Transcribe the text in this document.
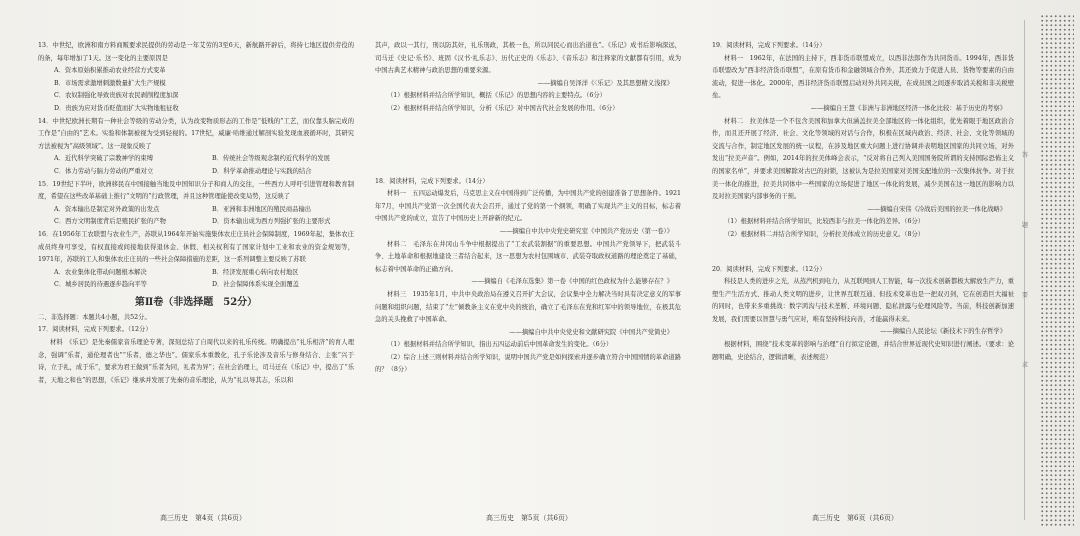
13．中世纪，欧洲和南方料商贩要求民提供的劳动是一年艾劳的3至6天，新航路开辟后，将持七地区提供劳役的的条，每年增加了1天。这一变化的主要原因是

A．资本原始积累推动农业经营方式变革

B．市场需求激增刺激数量扩大生产规模

C．农奴制强化导致贵族对农民剥削程度加深

D．贵族为应对货币贬值而扩大实物地租征收

14．中世纪欧洲长期有一种社会等级的劳动分类，认为改变物质形态的工作是“低贱的”工艺，而仅靠头脑完成的工作是“自由的”艺术。实验和体制被视为受到轻视的。17世纪，威廉·哈维通过解剖实验发现血液循环时，其研究方法被视为“高级领域”。这一现象反映了

A．近代科学突破了宗教神学的束缚	B．传统社会等级观念制约近代科学的发展
C．体力劳动与脑力劳动的严重对立	D．科学革命推动理论与实践的结合

15．19世纪下半叶，欧洲移民在中国接触当地及中国知识分子和商人的交往，一些西方人呼吁引进管理和教育制度，希望在这些改革基础上推行“文明的”行政管理，并且这种管理能使改变局势，这反映了

A．资本输出是制定对外政策的出发点	B．亚洲和非洲地区的殖民商品输出
C．西方文明制度背后是殖民扩张的产物	D．资本输出成为西方列强扩张的主要形式

16．在1956年工农联盟与农业生产，苏联从1964年开始实施集体农庄庄员社会保障制度，1969年起，集体农庄成员终身可享受，有权直接或间接地获得退休金、休假、相关权利有了国家计划中工业和农业的资金规划等，1971年，苏联的工人和集体农庄庄员的一些社会保障措施的差距，这一系列调整主要反映了苏联

A．农业集体化带动问题根本解决	B．经济发展重心转向农村地区
C．城乡居民的待遇逐步趋向平等	D．社会保障体系实现全面覆盖
第Ⅱ卷（非选择题　52分）

二、非选择题：本题共4小题，共52分。

17．阅读材料，完成下列要求。（12分）

材料　《乐记》是先秦儒家音乐理论专著，深刻总结了自周代以来的礼乐传统。明确提出“礼乐相济”的育人理念，强调“乐者，通伦理者也”“乐者，德之华也”。儒家乐本重教化，孔子乐论涉及音乐与修身结合、主张“兴于诗，立于礼，成于乐”，要求为君王做到“乐者为同，礼者为异”；在社会治理上，司马迁在《乐记》中，提出了“乐者，天地之和也”的思想，《乐记》继承并发展了先秦的音乐理论，从为“礼以导其志，乐以和

其声，政以一其行，刑以防其奸，礼乐刑政，其极一也，所以同民心而出治道也”。《乐记》成书后影响深远，司马迁《史记·乐书》、班固《汉书·礼乐志》、历代正史的《乐志》、《音乐志》和注释家的文献都有引用，成为中国古典艺术精神与政治思想的重要来源。

——摘编自吴泽洋《〈乐记〉及其思想精义浅探》

（1）根据材料并结合所学知识，概括《乐记》的思想内容的主要特点。（6分）

（2）根据材料并结合所学知识，分析《乐记》对中国古代社会发展的作用。（6分）

18．阅读材料，完成下列要求。（14分）

材料一　五四运动爆发后，马克思主义在中国得到广泛传播，为中国共产党的创建准备了思想条件。1921年7月，中国共产党第一次全国代表大会召开，通过了党的第一个纲领，明确了实现共产主义的目标，标志着中国共产党的成立，宣告了中国历史上开辟新的纪元。

——摘编自中共中央党史研究室《中国共产党历史（第一卷）》

材料二　毛泽东在井冈山斗争中根据提出了“工农武装割据”的重要思想。中国共产党领导下，把武装斗争、土地革命和根据地建设三者结合起来，这一思想为农村包围城市、武装夺取政权道路的理论奠定了基础，标志着中国革命的正确方向。

——摘编自《毛泽东选集》第一卷《中国的红色政权为什么能够存在？》

材料三　1935年1月，中共中央政治局在遵义召开扩大会议，会议集中全力解决当时具有决定意义的军事问题和组织问题，结束了“左”倾教条主义在党中央的统治，确立了毛泽东在党和红军中的领导地位，在极其危急的关头挽救了中国革命。

——摘编自中共中央党史和文献研究院《中国共产党简史》

（1）根据材料并结合所学知识，指出五四运动前后中国革命发生的变化。（6分）

（2）综合上述三则材料并结合所学知识，说明中国共产党是如何探索并逐步确立符合中国国情的革命道路的？（8分）

19．阅读材料，完成下列要求。（14分）

材料一　1962年，在法国的主持下，西非货币联盟成立，以西非法郎作为共同货币。1994年，西非货币联盟改为“西非经济货币联盟”，在原有货币和金融领域合作外，其还致力于促进人员、货物等要素的自由流动，促进一体化。2000年，西非经济货币联盟启动对外共同关税，在成员国之间逐步取消关税和非关税壁垒。

——摘编自王慧《非洲与非洲地区经济一体化比较：基于历史的考察》

材料二　拉美体是一个不包含美国和加拿大但涵盖拉美全部地区的一体化组织，优先着眼于地区政治合作，而且还开展了经济、社会、文化等领域的对话与合作，积极在区域内政治、经济、社会、文化等领域的交流与合作，制定地区发展的统一议程，在涉及地区重大问题上进行协调并表明地区国家的共同立场，对外发出“拉美声音”。例如，2014年的拉美体峰会表示，“反对将自己列入美国国务院所谓的支持国际恐怖主义的国家名单”，并要求美国解除对古巴的封锁，这被认为是拉美国家对美国支配地位的一次集体抗争。对于拉美一体化的推进，拉美共同体中一些国家的立场促进了地区一体化的发展，减少美国在这一地区的影响力以及对拉美国家内部事务的干预。

——摘编自宋伟《冷战后美国的拉美一体化战略》

（1）根据材料并结合所学知识，比较西非与拉美一体化的差异。（6分）

（2）根据材料二并结合所学知识，分析拉美体成立的历史意义。（8分）

20．阅读材料，完成下列要求。（12分）

科技是人类的进步之光，从蒸汽机到电力，从互联网到人工智能，每一次技术创新都极大解放生产力，重塑生产生活方式、推动人类文明的进步，让世界互联互通、但技术变革也是一把双刃剑，它在创造巨大福祉的同时，也带来多重挑战：数字鸿沟与技术垄断、环境问题、隐私泄露与伦理风险等。当前，科技创新加速发展，我们需要以智慧与勇气应对，唯有坚持科技向善，才能赢得未来。

——摘编自人民论坛《新技术下的生存哲学》

根据材料，围绕“技术变革的影响与治理”自行拟定论题，并结合世界近现代史知识进行阐述。（要求：论题明确，史论结合，逻辑清晰，表述规范）

高三历史　第4页（共6页）	高三历史　第5页（共6页）	高三历史　第6页（共6页）
答
题
要
求
